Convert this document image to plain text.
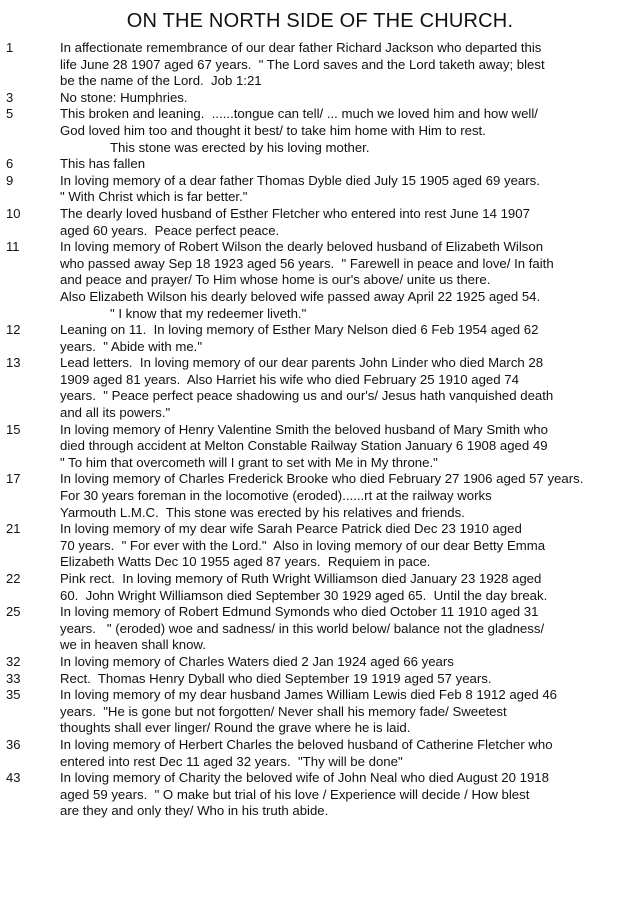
ON THE NORTH SIDE OF THE CHURCH.
1	In affectionate remembrance of our dear father Richard Jackson who departed this
life June 28 1907 aged 67 years.  " The Lord saves and the Lord taketh away; blest
be the name of the Lord.  Job 1:21
3	No stone: Humphries.
5	This broken and leaning.  ......tongue can tell/ ... much we loved him and how well/
God loved him too and thought it best/ to take him home with Him to rest.
This stone was erected by his loving mother.
6	This has fallen
9	In loving memory of a dear father Thomas Dyble died July 15 1905 aged 69 years.
" With Christ which is far better."
10	The dearly loved husband of Esther Fletcher who entered into rest June 14 1907
aged 60 years.  Peace perfect peace.
11	In loving memory of Robert Wilson the dearly beloved husband of Elizabeth Wilson
who passed away Sep 18 1923 aged 56 years.  " Farewell in peace and love/ In faith
and peace and prayer/ To Him whose home is our's above/ unite us there.
Also Elizabeth Wilson his dearly beloved wife passed away April 22 1925 aged 54.
" I know that my redeemer liveth."
12	Leaning on 11.  In loving memory of Esther Mary Nelson died 6 Feb 1954 aged 62
years.  " Abide with me."
13	Lead letters.  In loving memory of our dear parents John Linder who died March 28
1909 aged 81 years.  Also Harriet his wife who died February 25 1910 aged 74
years.  " Peace perfect peace shadowing us and our's/ Jesus hath vanquished death
and all its powers."
15	In loving memory of Henry Valentine Smith the beloved husband of Mary Smith who
died through accident at Melton Constable Railway Station January 6 1908 aged 49
" To him that overcometh will I grant to set with Me in My throne."
17	In loving memory of Charles Frederick Brooke who died February 27 1906 aged 57 years.
For 30 years foreman in the locomotive (eroded)......rt at the railway works
Yarmouth L.M.C.  This stone was erected by his relatives and friends.
21	In loving memory of my dear wife Sarah Pearce Patrick died Dec 23 1910 aged
70 years.  " For ever with the Lord."  Also in loving memory of our dear Betty Emma
Elizabeth Watts Dec 10 1955 aged 87 years.  Requiem in pace.
22	Pink rect.  In loving memory of Ruth Wright Williamson died January 23 1928 aged
60.  John Wright Williamson died September 30 1929 aged 65.  Until the day break.
25	In loving memory of Robert Edmund Symonds who died October 11 1910 aged 31
years.   " (eroded) woe and sadness/ in this world below/ balance not the gladness/
we in heaven shall know.
32	In loving memory of Charles Waters died 2 Jan 1924 aged 66 years
33	Rect.  Thomas Henry Dyball who died September 19 1919 aged 57 years.
35	In loving memory of my dear husband James William Lewis died Feb 8 1912 aged 46
years.  "He is gone but not forgotten/ Never shall his memory fade/ Sweetest
thoughts shall ever linger/ Round the grave where he is laid.
36	In loving memory of Herbert Charles the beloved husband of Catherine Fletcher who
entered into rest Dec 11 aged 32 years.  "Thy will be done"
43	In loving memory of Charity the beloved wife of John Neal who died August 20 1918
aged 59 years.  " O make but trial of his love / Experience will decide / How blest
are they and only they/ Who in his truth abide.
